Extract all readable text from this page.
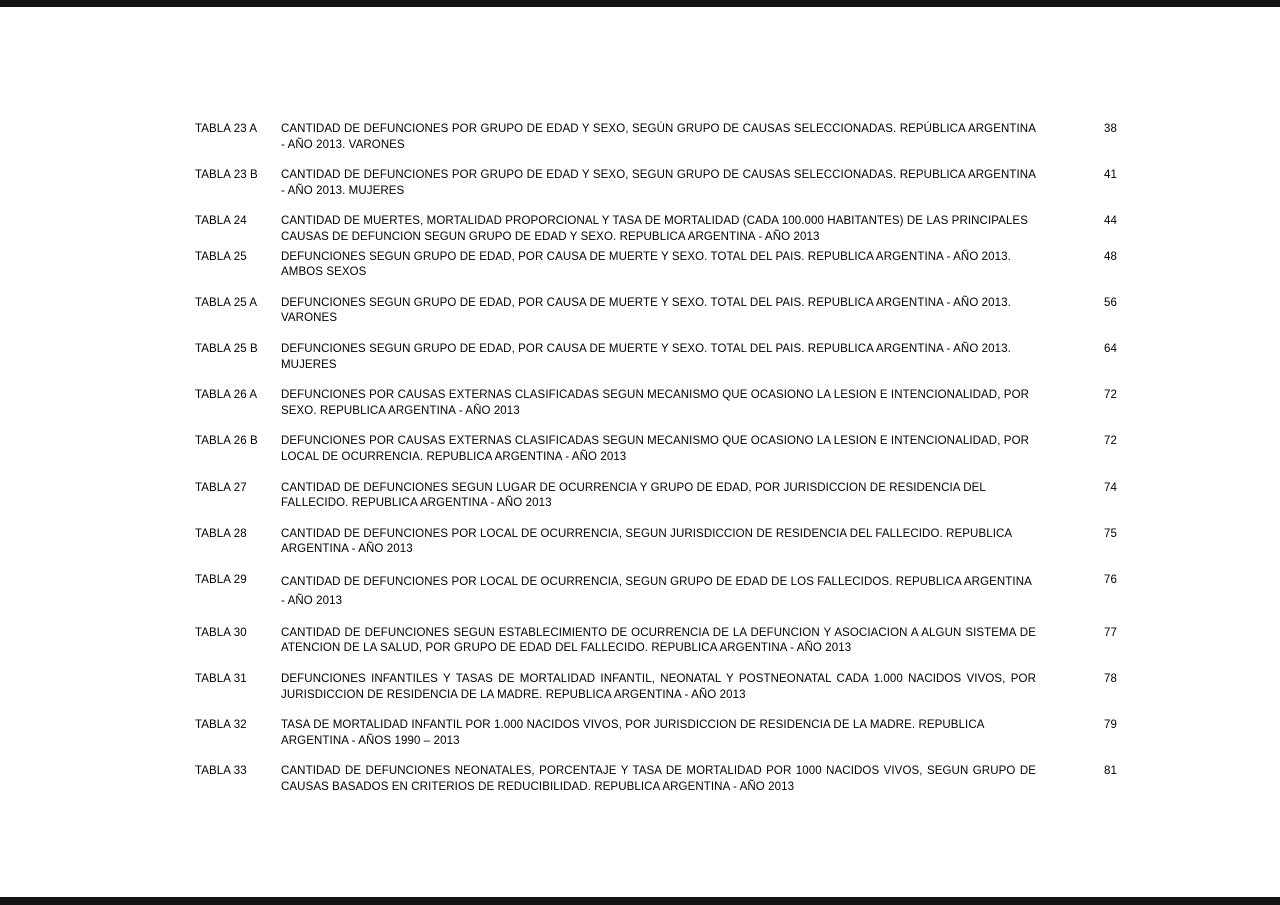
TABLA 23 A	CANTIDAD DE DEFUNCIONES POR GRUPO DE EDAD Y SEXO, SEGÚN GRUPO DE CAUSAS SELECCIONADAS. REPÚBLICA ARGENTINA - AÑO 2013. VARONES
38
TABLA 23 B	CANTIDAD DE DEFUNCIONES POR GRUPO DE EDAD Y SEXO, SEGUN GRUPO DE CAUSAS SELECCIONADAS. REPUBLICA ARGENTINA - AÑO 2013. MUJERES
41
TABLA 24	CANTIDAD DE MUERTES, MORTALIDAD PROPORCIONAL Y TASA DE MORTALIDAD (CADA 100.000 HABITANTES) DE LAS PRINCIPALES CAUSAS DE DEFUNCION SEGUN GRUPO DE EDAD Y SEXO. REPUBLICA ARGENTINA - AÑO 2013
44
TABLA 25	DEFUNCIONES SEGUN GRUPO DE EDAD, POR CAUSA DE MUERTE Y SEXO. TOTAL DEL PAIS. REPUBLICA ARGENTINA - AÑO 2013. AMBOS SEXOS
48
TABLA 25 A	DEFUNCIONES SEGUN GRUPO DE EDAD, POR CAUSA DE MUERTE Y SEXO. TOTAL DEL PAIS. REPUBLICA ARGENTINA - AÑO 2013. VARONES
56
TABLA 25 B	DEFUNCIONES SEGUN GRUPO DE EDAD, POR CAUSA DE MUERTE Y SEXO. TOTAL DEL PAIS. REPUBLICA ARGENTINA - AÑO 2013. MUJERES
64
TABLA 26 A	DEFUNCIONES POR CAUSAS EXTERNAS CLASIFICADAS SEGUN MECANISMO QUE OCASIONO LA LESION E INTENCIONALIDAD, POR SEXO. REPUBLICA ARGENTINA - AÑO 2013
72
TABLA 26 B	DEFUNCIONES POR CAUSAS EXTERNAS CLASIFICADAS SEGUN MECANISMO QUE OCASIONO LA LESION E INTENCIONALIDAD, POR LOCAL DE OCURRENCIA. REPUBLICA ARGENTINA - AÑO 2013
72
TABLA 27	CANTIDAD DE DEFUNCIONES SEGUN LUGAR DE OCURRENCIA Y GRUPO DE EDAD, POR JURISDICCION DE RESIDENCIA DEL FALLECIDO. REPUBLICA ARGENTINA - AÑO 2013
74
TABLA 28	CANTIDAD DE DEFUNCIONES POR LOCAL DE OCURRENCIA, SEGUN JURISDICCION DE RESIDENCIA DEL FALLECIDO. REPUBLICA ARGENTINA - AÑO 2013
75
TABLA 29	CANTIDAD DE DEFUNCIONES POR LOCAL DE OCURRENCIA, SEGUN GRUPO DE EDAD DE LOS FALLECIDOS. REPUBLICA ARGENTINA - AÑO 2013
76
TABLA 30	CANTIDAD DE DEFUNCIONES SEGUN ESTABLECIMIENTO DE OCURRENCIA DE LA DEFUNCION Y ASOCIACION A ALGUN SISTEMA DE ATENCION DE LA SALUD, POR GRUPO DE EDAD DEL FALLECIDO. REPUBLICA ARGENTINA - AÑO 2013
77
TABLA 31	DEFUNCIONES INFANTILES Y TASAS DE MORTALIDAD INFANTIL, NEONATAL Y POSTNEONATAL CADA 1.000 NACIDOS VIVOS, POR JURISDICCION DE RESIDENCIA DE LA MADRE. REPUBLICA ARGENTINA - AÑO 2013
78
TABLA 32	TASA DE MORTALIDAD INFANTIL POR 1.000 NACIDOS VIVOS, POR JURISDICCION DE RESIDENCIA DE LA MADRE. REPUBLICA ARGENTINA - AÑOS 1990 – 2013
79
TABLA 33	CANTIDAD DE DEFUNCIONES NEONATALES, PORCENTAJE Y TASA DE MORTALIDAD POR 1000 NACIDOS VIVOS, SEGUN GRUPO DE CAUSAS BASADOS EN CRITERIOS DE REDUCIBILIDAD. REPUBLICA ARGENTINA - AÑO 2013
81
